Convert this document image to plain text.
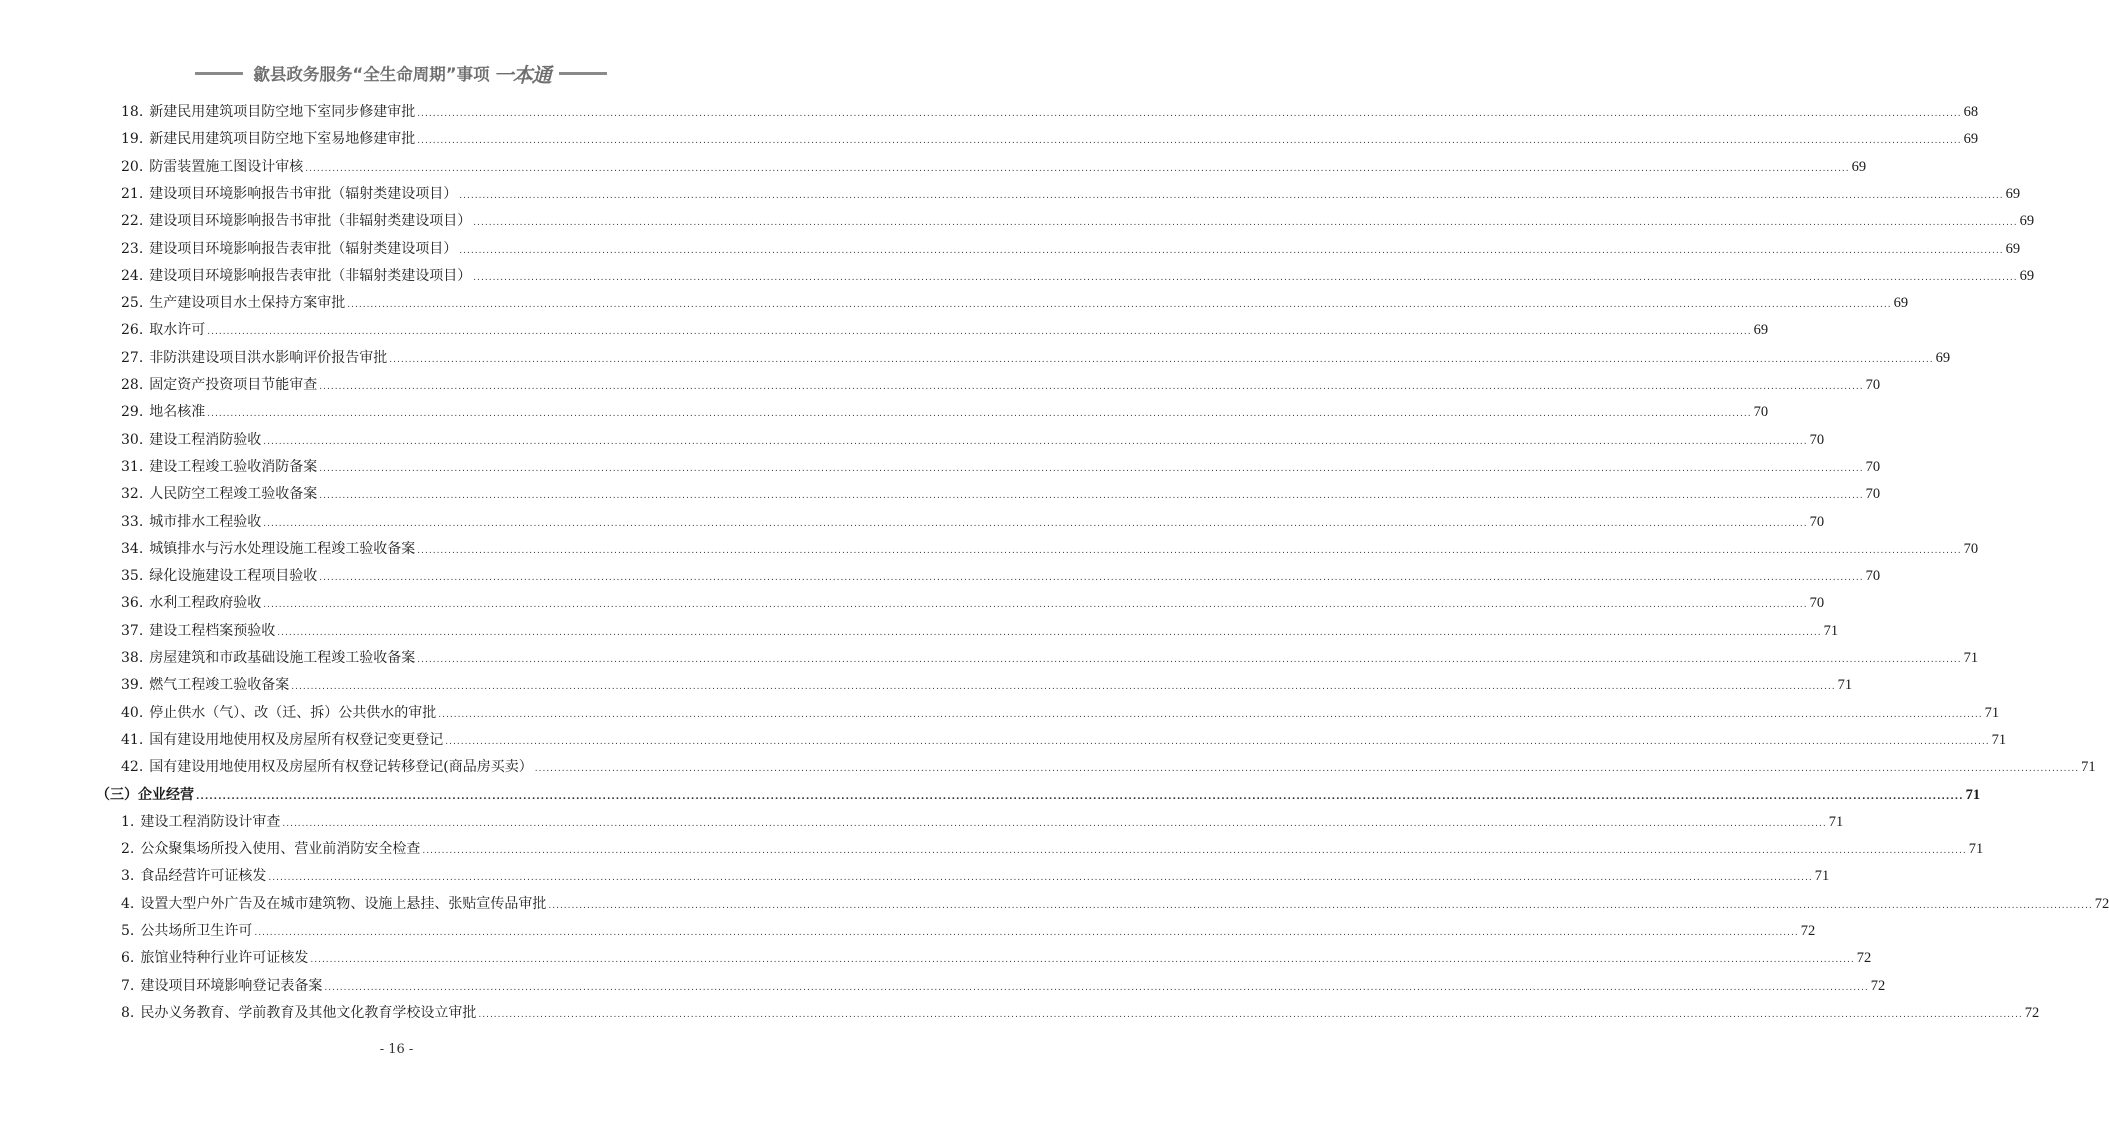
歙县政务服务“全生命周期”事项 一本通
18. 新建民用建筑项目防空地下室同步修建审批 ................................................................................................................................................................................................................................................................................................................................................................................................................ 68
19. 新建民用建筑项目防空地下室易地修建审批 ................................................................................................................................................................................................................................................................................................................................................................................................................ 69
20. 防雷装置施工图设计审核 ................................................................................................................................................................................................................................................................................................................................................................................................................ 69
21. 建设项目环境影响报告书审批（辐射类建设项目） ................................................................................................................................................................................................................................................................................................................................................................................................................ 69
22. 建设项目环境影响报告书审批（非辐射类建设项目） ................................................................................................................................................................................................................................................................................................................................................................................................................ 69
23. 建设项目环境影响报告表审批（辐射类建设项目） ................................................................................................................................................................................................................................................................................................................................................................................................................ 69
24. 建设项目环境影响报告表审批（非辐射类建设项目） ................................................................................................................................................................................................................................................................................................................................................................................................................ 69
25. 生产建设项目水土保持方案审批 ................................................................................................................................................................................................................................................................................................................................................................................................................ 69
26. 取水许可 ................................................................................................................................................................................................................................................................................................................................................................................................................ 69
27. 非防洪建设项目洪水影响评价报告审批 ................................................................................................................................................................................................................................................................................................................................................................................................................ 69
28. 固定资产投资项目节能审查 ................................................................................................................................................................................................................................................................................................................................................................................................................ 70
29. 地名核准 ................................................................................................................................................................................................................................................................................................................................................................................................................ 70
30. 建设工程消防验收 ................................................................................................................................................................................................................................................................................................................................................................................................................ 70
31. 建设工程竣工验收消防备案 ................................................................................................................................................................................................................................................................................................................................................................................................................ 70
32. 人民防空工程竣工验收备案 ................................................................................................................................................................................................................................................................................................................................................................................................................ 70
33. 城市排水工程验收 ................................................................................................................................................................................................................................................................................................................................................................................................................ 70
34. 城镇排水与污水处理设施工程竣工验收备案 ................................................................................................................................................................................................................................................................................................................................................................................................................ 70
35. 绿化设施建设工程项目验收 ................................................................................................................................................................................................................................................................................................................................................................................................................ 70
36. 水利工程政府验收 ................................................................................................................................................................................................................................................................................................................................................................................................................ 70
37. 建设工程档案预验收 ................................................................................................................................................................................................................................................................................................................................................................................................................ 71
38. 房屋建筑和市政基础设施工程竣工验收备案 ................................................................................................................................................................................................................................................................................................................................................................................................................ 71
39. 燃气工程竣工验收备案 ................................................................................................................................................................................................................................................................................................................................................................................................................ 71
40. 停止供水（气）、改（迁、拆）公共供水的审批 ................................................................................................................................................................................................................................................................................................................................................................................................................ 71
41. 国有建设用地使用权及房屋所有权登记变更登记 ................................................................................................................................................................................................................................................................................................................................................................................................................ 71
42. 国有建设用地使用权及房屋所有权登记转移登记(商品房买卖） ................................................................................................................................................................................................................................................................................................................................................................................................................ 71
（三）企业经营 ................................................................................................................................................................................................................................................................................................................................................................................................................ 71
1. 建设工程消防设计审查 ................................................................................................................................................................................................................................................................................................................................................................................................................ 71
2. 公众聚集场所投入使用、营业前消防安全检查 ................................................................................................................................................................................................................................................................................................................................................................................................................ 71
3. 食品经营许可证核发 ................................................................................................................................................................................................................................................................................................................................................................................................................ 71
4. 设置大型户外广告及在城市建筑物、设施上悬挂、张贴宣传品审批 ................................................................................................................................................................................................................................................................................................................................................................................................................ 72
5. 公共场所卫生许可 ................................................................................................................................................................................................................................................................................................................................................................................................................ 72
6. 旅馆业特种行业许可证核发 ................................................................................................................................................................................................................................................................................................................................................................................................................ 72
7. 建设项目环境影响登记表备案 ................................................................................................................................................................................................................................................................................................................................................................................................................ 72
8. 民办义务教育、学前教育及其他文化教育学校设立审批 ................................................................................................................................................................................................................................................................................................................................................................................................................ 72
- 16 -
